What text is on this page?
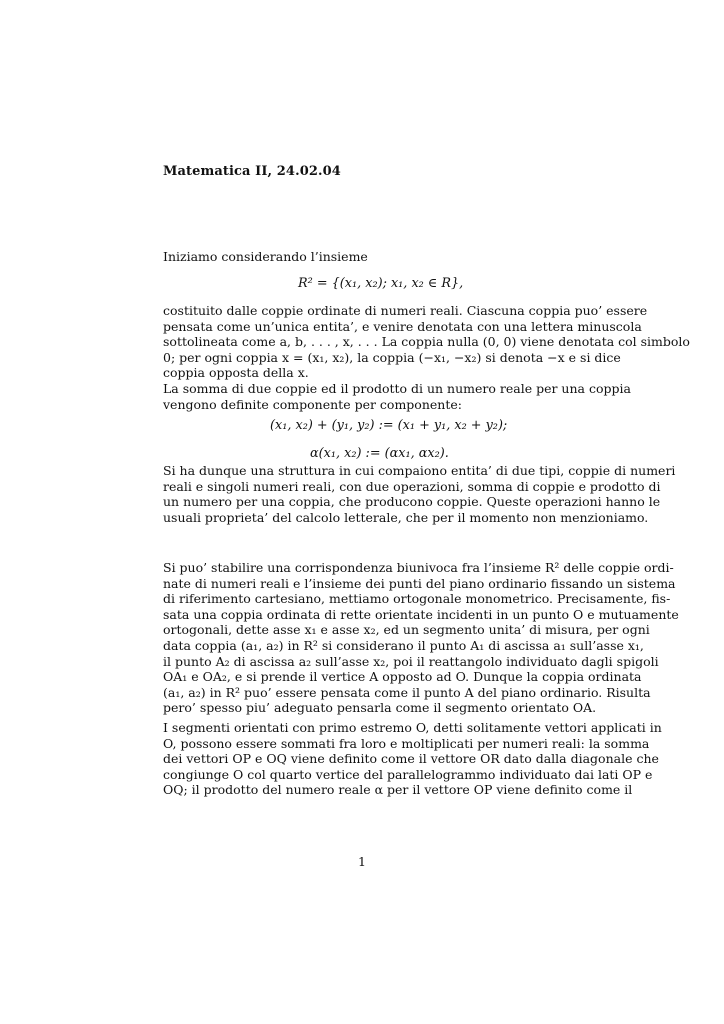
Matematica II, 24.02.04
Iniziamo considerando l’insieme
R² = {(x₁, x₂); x₁, x₂ ∈ R},
costituito dalle coppie ordinate di numeri reali. Ciascuna coppia puo’ essere
pensata come un’unica entita’, e venire denotata con una lettera minuscola
sottolineata come a, b, . . . , x, . . . La coppia nulla (0, 0) viene denotata col simbolo
0; per ogni coppia x = (x₁, x₂), la coppia (−x₁, −x₂) si denota −x e si dice
coppia opposta della x.
La somma di due coppie ed il prodotto di un numero reale per una coppia
vengono definite componente per componente:
(x₁, x₂) + (y₁, y₂) := (x₁ + y₁, x₂ + y₂);
α(x₁, x₂) := (αx₁, αx₂).
Si ha dunque una struttura in cui compaiono entita’ di due tipi, coppie di numeri
reali e singoli numeri reali, con due operazioni, somma di coppie e prodotto di
un numero per una coppia, che producono coppie. Queste operazioni hanno le
usuali proprieta’ del calcolo letterale, che per il momento non menzioniamo.
Si puo’ stabilire una corrispondenza biunivoca fra l’insieme R² delle coppie ordi-
nate di numeri reali e l’insieme dei punti del piano ordinario fissando un sistema
di riferimento cartesiano, mettiamo ortogonale monometrico. Precisamente, fis-
sata una coppia ordinata di rette orientate incidenti in un punto O e mutuamente
ortogonali, dette asse x₁ e asse x₂, ed un segmento unita’ di misura, per ogni
data coppia (a₁, a₂) in R² si considerano il punto A₁ di ascissa a₁ sull’asse x₁,
il punto A₂ di ascissa a₂ sull’asse x₂, poi il reattangolo individuato dagli spigoli
OA₁ e OA₂, e si prende il vertice A opposto ad O. Dunque la coppia ordinata
(a₁, a₂) in R² puo’ essere pensata come il punto A del piano ordinario. Risulta
pero’ spesso piu’ adeguato pensarla come il segmento orientato OA.
I segmenti orientati con primo estremo O, detti solitamente vettori applicati in
O, possono essere sommati fra loro e moltiplicati per numeri reali: la somma
dei vettori OP e OQ viene definito come il vettore OR dato dalla diagonale che
congiunge O col quarto vertice del parallelogrammo individuato dai lati OP e
OQ; il prodotto del numero reale α per il vettore OP viene definito come il
1
